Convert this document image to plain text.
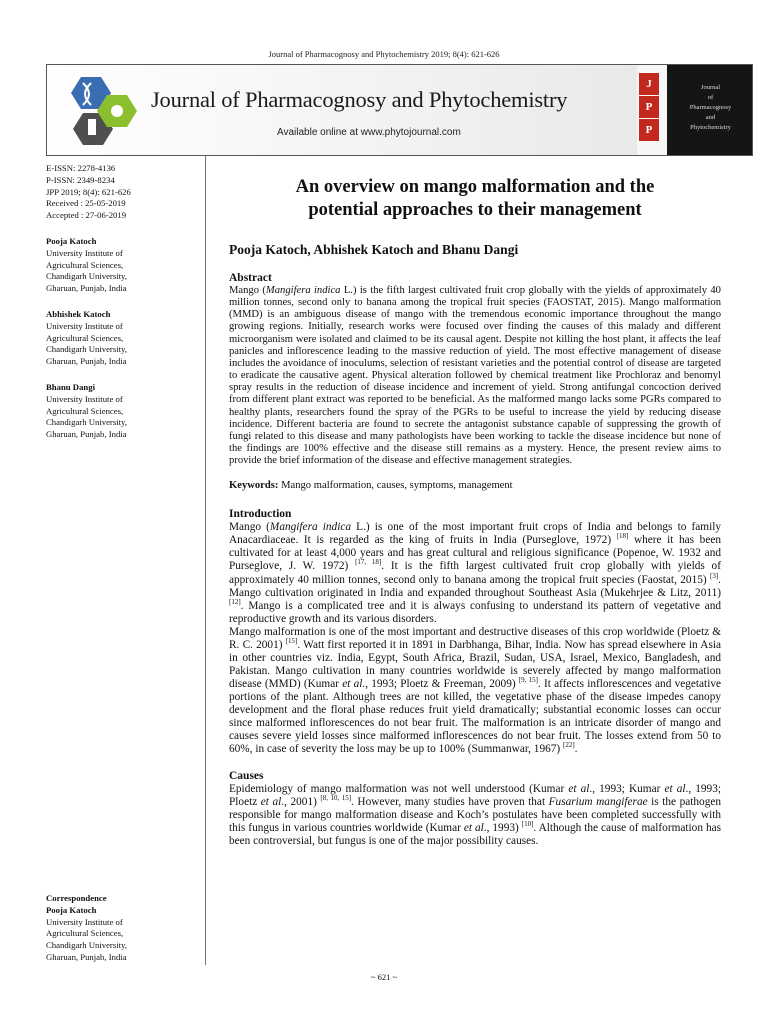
Journal of Pharmacognosy and Phytochemistry 2019; 8(4): 621-626
Journal of Pharmacognosy and Phytochemistry
Available online at www.phytojournal.com
J
P
P
Journal
of
Pharmacognosy
and
Phytochemistry
E-ISSN: 2278-4136
P-ISSN: 2349-8234
JPP 2019; 8(4): 621-626
Received : 25-05-2019
Accepted : 27-06-2019
Pooja Katoch
University Institute of
Agricultural Sciences,
Chandigarh University,
Gharuan, Punjab, India
Abhishek Katoch
University Institute of
Agricultural Sciences,
Chandigarh University,
Gharuan, Punjab, India
Bhanu Dangi
University Institute of
Agricultural Sciences,
Chandigarh University,
Gharuan, Punjab, India
Correspondence
Pooja Katoch
University Institute of
Agricultural Sciences,
Chandigarh University,
Gharuan, Punjab, India
An overview on mango malformation and the
potential approaches to their management
Pooja Katoch, Abhishek Katoch and Bhanu Dangi
Abstract

Mango (Mangifera indica L.) is the fifth largest cultivated fruit crop globally with the yields of approximately 40 million tonnes, second only to banana among the tropical fruit species (FAOSTAT, 2015). Mango malformation (MMD) is an ambiguous disease of mango with the tremendous economic importance throughout the mango growing regions. Initially, research works were focused over finding the causes of this malady and different microorganism were isolated and claimed to be its causal agent. Despite not killing the host plant, it affects the leaf panicles and inflorescence leading to the massive reduction of yield. The most effective management of disease includes the avoidance of inoculums, selection of resistant varieties and the potential control of disease are targeted to eradicate the causative agent. Physical alteration followed by chemical treatment like Prochloraz and benomyl spray results in the reduction of disease incidence and increment of yield. Strong antifungal concoction derived from different plant extract was reported to be beneficial. As the malformed mango lacks some PGRs compared to healthy plants, researchers found the spray of the PGRs to be useful to increase the yield by reducing disease incidence. Different bacteria are found to secrete the antagonist substance capable of suppressing the growth of fungi related to this disease and many pathologists have been working to tackle the disease incidence but none of the findings are 100% effective and the disease still remains as a mystery. Hence, the present review aims to provide the brief information of the disease and effective management strategies.

Keywords: Mango malformation, causes, symptoms, management
Introduction

Mango (Mangifera indica L.) is one of the most important fruit crops of India and belongs to family Anacardiaceae. It is regarded as the king of fruits in India (Purseglove, 1972) [18] where it has been cultivated for at least 4,000 years and has great cultural and religious significance (Popenoe, W. 1932 and Purseglove, J. W. 1972) [17, 18]. It is the fifth largest cultivated fruit crop globally with yields of approximately 40 million tonnes, second only to banana among the tropical fruit species (Faostat, 2015) [3]. Mango cultivation originated in India and expanded throughout Southeast Asia (Mukehrjee & Litz, 2011) [12]. Mango is a complicated tree and it is always confusing to understand its pattern of vegetative and reproductive growth and its various disorders.

Mango malformation is one of the most important and destructive diseases of this crop worldwide (Ploetz & R. C. 2001) [15]. Watt first reported it in 1891 in Darbhanga, Bihar, India. Now has spread elsewhere in Asia in other countries viz. India, Egypt, South Africa, Brazil, Sudan, USA, Israel, Mexico, Bangladesh, and Pakistan. Mango cultivation in many countries worldwide is severely affected by mango malformation disease (MMD) (Kumar et al., 1993; Ploetz & Freeman, 2009) [9, 15]. It affects inflorescences and vegetative portions of the plant. Although trees are not killed, the vegetative phase of the disease impedes canopy development and the floral phase reduces fruit yield dramatically; substantial economic losses can occur since malformed inflorescences do not bear fruit. The malformation is an intricate disorder of mango and causes severe yield losses since malformed inflorescences do not bear fruit. The losses extend from 50 to 60%, in case of severity the loss may be up to 100% (Summanwar, 1967) [22].

Causes

Epidemiology of mango malformation was not well understood (Kumar et al., 1993; Kumar et al., 1993; Ploetz et al., 2001) [8, 10, 15]. However, many studies have proven that Fusarium mangiferae is the pathogen responsible for mango malformation disease and Koch’s postulates have been completed successfully with this fungus in various countries worldwide (Kumar et al., 1993) [10]. Although the cause of malformation has been controversial, but fungus is one of the major possibility causes.

~ 621 ~
